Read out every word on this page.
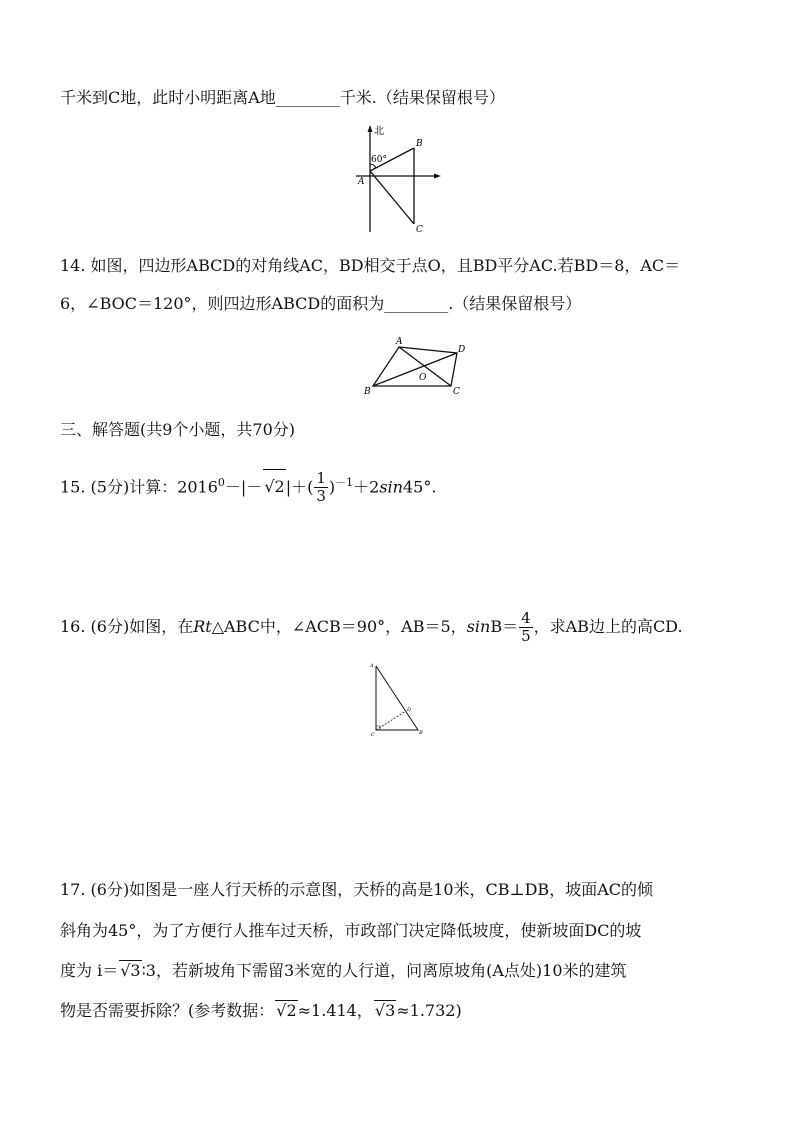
千米到C地，此时小明距离A地________千米.（结果保留根号）
北
60°
A
B
C
14. 如图，四边形ABCD的对角线AC，BD相交于点O，且BD平分AC.若BD＝8，AC＝
6，∠BOC＝120°，则四边形ABCD的面积为________.（结果保留根号）
A
B	C
D
O
三、解答题(共9个小题，共70分)
15. (5分)计算：$2016^0-|- √2|+( \frac{1}{3} )^{-1}+2\sin 45^\circ$.
16. (6分)如图，在Rt△ABC中，∠ACB＝90°，AB＝5，$\sin B= \frac{4}{5}$ ，求AB边上的高CD.
A
C	B
D
17. (6分)如图是一座人行天桥的示意图，天桥的高是10米，CB⊥DB，坡面AC的倾
斜角为45°，为了方便行人推车过天桥，市政部门决定降低坡度，使新坡面DC的坡
度为 i＝ √3∶3，若新坡角下需留3米宽的人行道，问离原坡角(A点处)10米的建筑
物是否需要拆除？(参考数据： √2≈1.414， √3≈1.732)
